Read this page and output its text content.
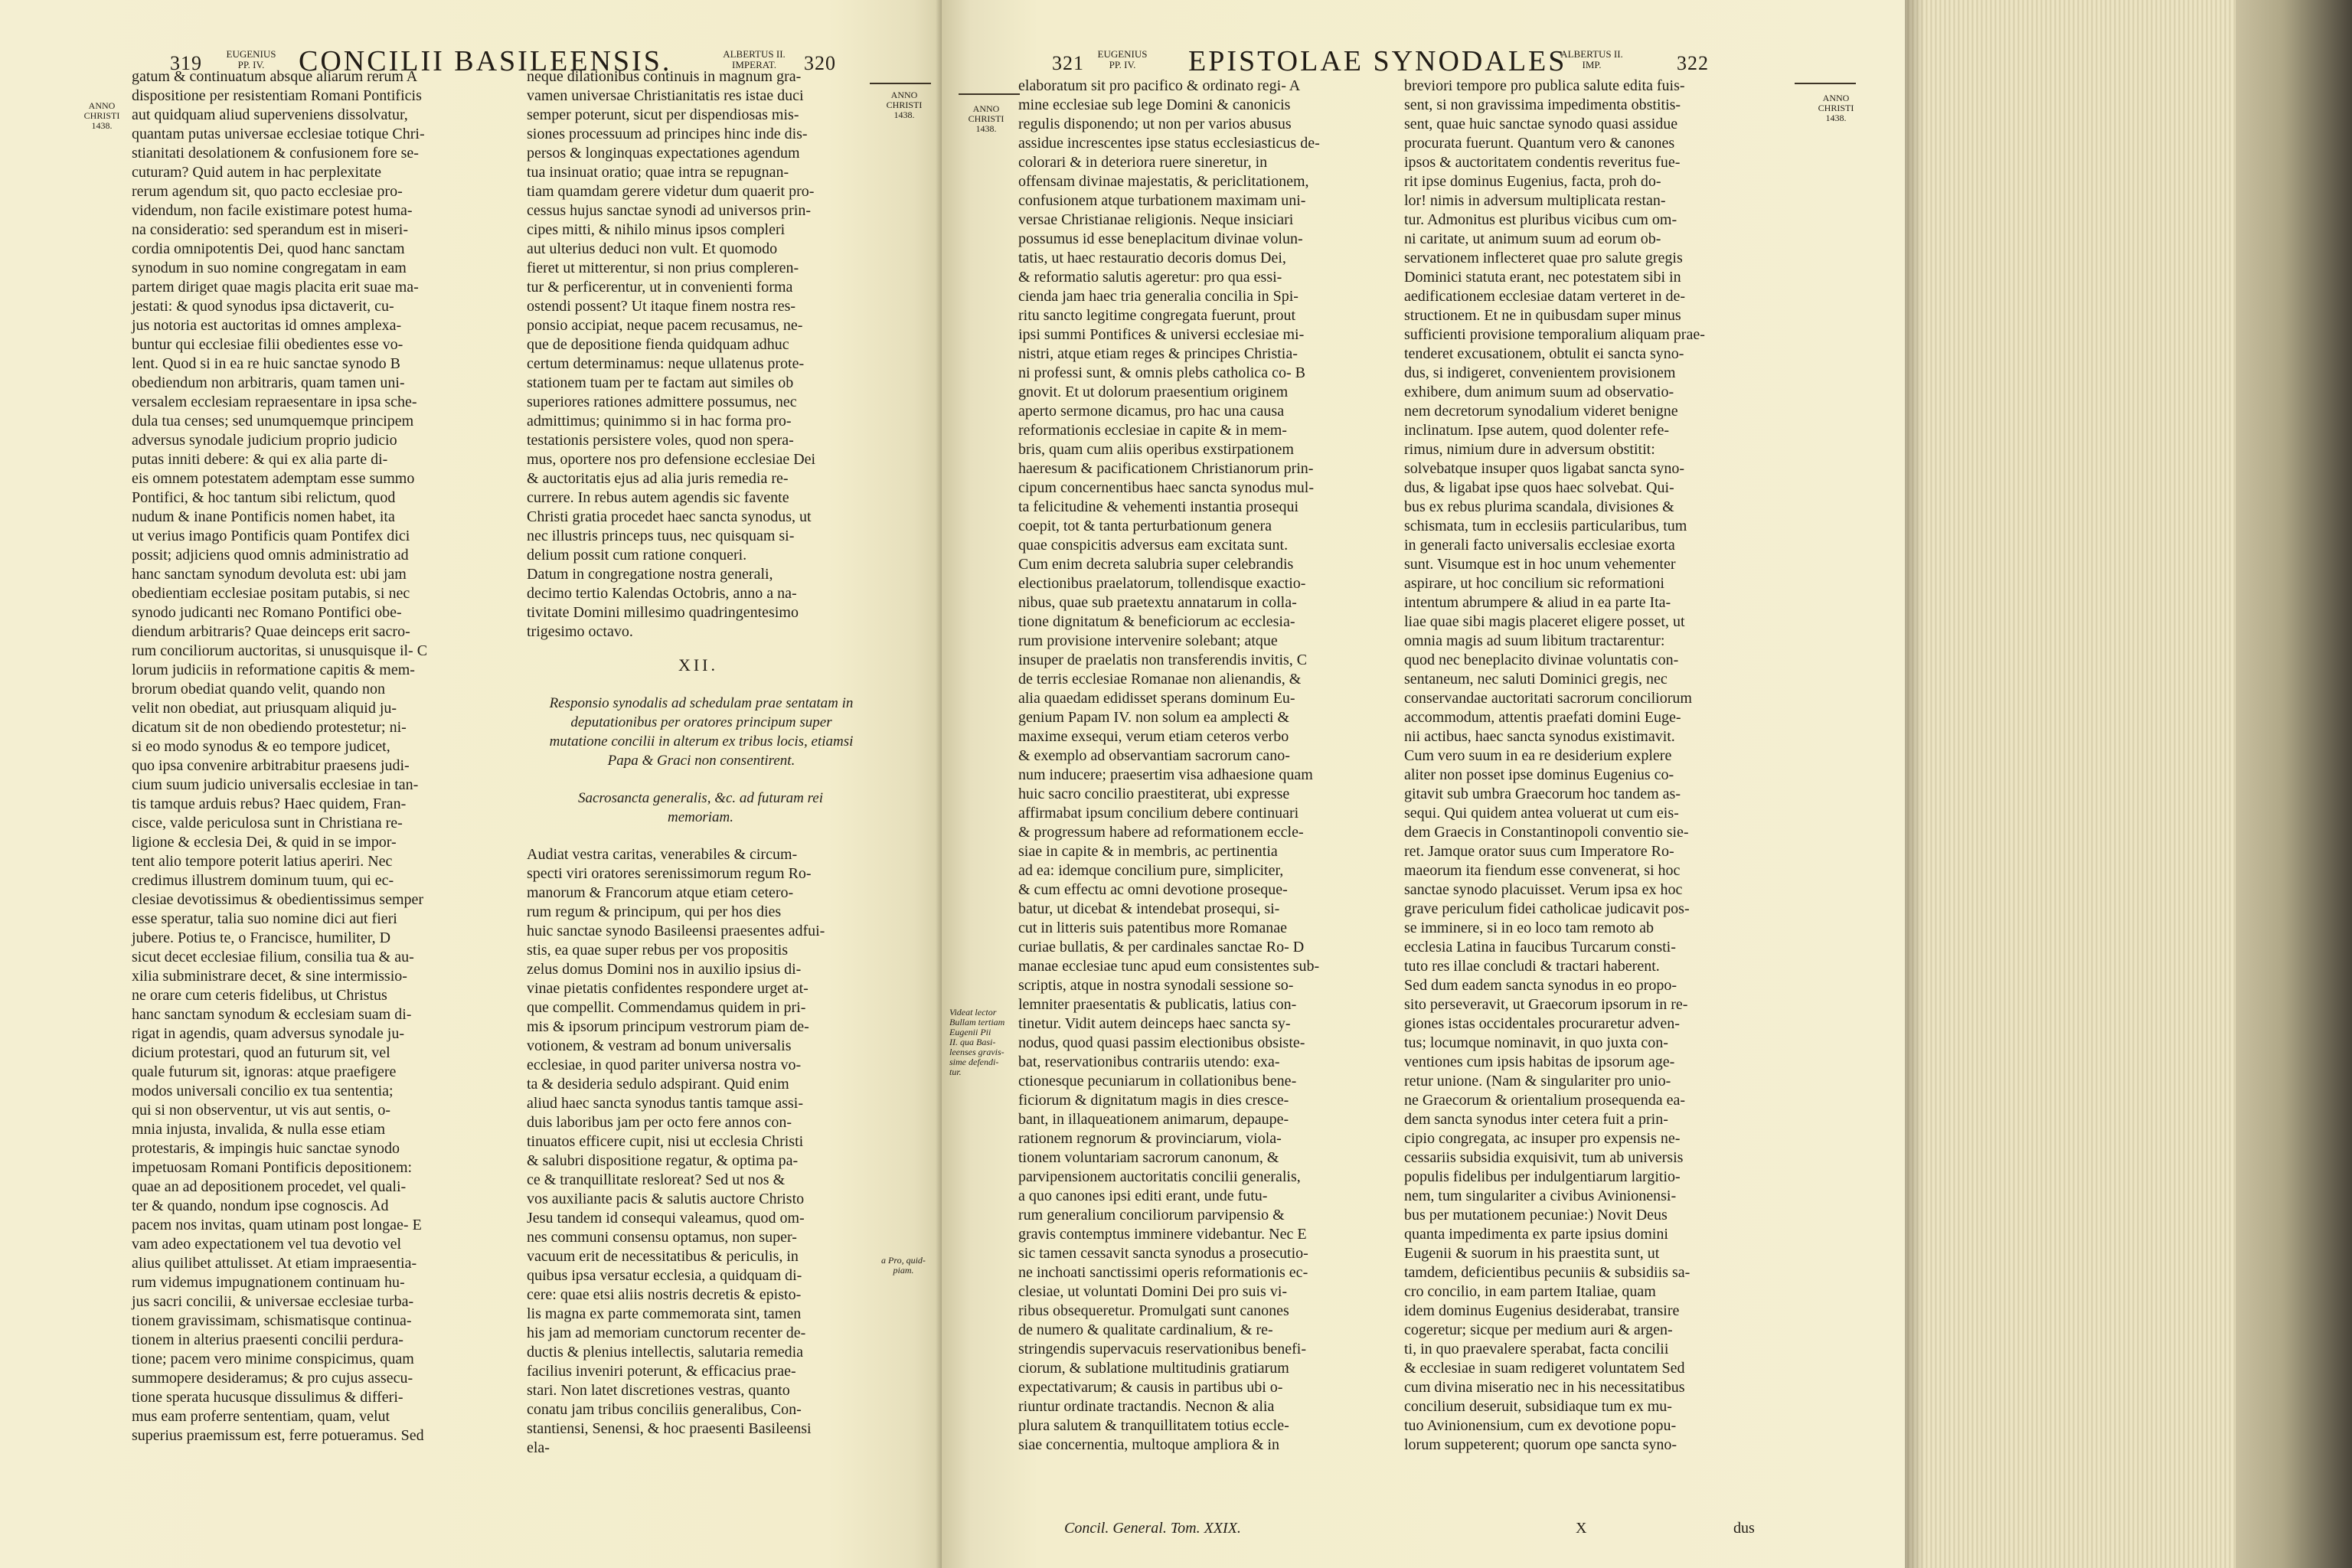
319	EUGENIUS
PP. IV.	CONCILII BASILEENSIS.	ALBERTUS II.
IMPERAT.	320
ANNO
CHRISTI
1438.
gatum & continuatum absque aliarum rerum A
dispositione per resistentiam Romani Pontificis
aut quidquam aliud superveniens dissolvatur,
quantam putas universae ecclesiae totique Chri-
stianitati desolationem & confusionem fore se-
cuturam? Quid autem in hac perplexitate
rerum agendum sit, quo pacto ecclesiae pro-
videndum, non facile existimare potest huma-
na consideratio: sed sperandum est in miseri-
cordia omnipotentis Dei, quod hanc sanctam
synodum in suo nomine congregatam in eam
partem diriget quae magis placita erit suae ma-
jestati: & quod synodus ipsa dictaverit, cu-
jus notoria est auctoritas id omnes amplexa-
buntur qui ecclesiae filii obedientes esse vo-
lent. Quod si in ea re huic sanctae synodo B
obediendum non arbitraris, quam tamen uni-
versalem ecclesiam repraesentare in ipsa sche-
dula tua censes; sed unumquemque principem
adversus synodale judicium proprio judicio
putas inniti debere: & qui ex alia parte di-
eis omnem potestatem ademptam esse summo
Pontifici, & hoc tantum sibi relictum, quod
nudum & inane Pontificis nomen habet, ita
ut verius imago Pontificis quam Pontifex dici
possit; adjiciens quod omnis administratio ad
hanc sanctam synodum devoluta est: ubi jam
obedientiam ecclesiae positam putabis, si nec
synodo judicanti nec Romano Pontifici obe-
diendum arbitraris? Quae deinceps erit sacro-
rum conciliorum auctoritas, si unusquisque il- C
lorum judiciis in reformatione capitis & mem-
brorum obediat quando velit, quando non
velit non obediat, aut priusquam aliquid ju-
dicatum sit de non obediendo protestetur; ni-
si eo modo synodus & eo tempore judicet,
quo ipsa convenire arbitrabitur praesens judi-
cium suum judicio universalis ecclesiae in tan-
tis tamque arduis rebus? Haec quidem, Fran-
cisce, valde periculosa sunt in Christiana re-
ligione & ecclesia Dei, & quid in se impor-
tent alio tempore poterit latius aperiri. Nec
credimus illustrem dominum tuum, qui ec-
clesiae devotissimus & obedientissimus semper
esse speratur, talia suo nomine dici aut fieri
jubere. Potius te, o Francisce, humiliter, D
sicut decet ecclesiae filium, consilia tua & au-
xilia subministrare decet, & sine intermissio-
ne orare cum ceteris fidelibus, ut Christus
hanc sanctam synodum & ecclesiam suam di-
rigat in agendis, quam adversus synodale ju-
dicium protestari, quod an futurum sit, vel
quale futurum sit, ignoras: atque praefigere
modos universali concilio ex tua sententia;
qui si non observentur, ut vis aut sentis, o-
mnia injusta, invalida, & nulla esse etiam
protestaris, & impingis huic sanctae synodo
impetuosam Romani Pontificis depositionem:
quae an ad depositionem procedet, vel quali-
ter & quando, nondum ipse cognoscis. Ad
pacem nos invitas, quam utinam post longae- E
vam adeo expectationem vel tua devotio vel
alius quilibet attulisset. At etiam impraesentia-
rum videmus impugnationem continuam hu-
jus sacri concilii, & universae ecclesiae turba-
tionem gravissimam, schismatisque continua-
tionem in alterius praesenti concilii perdura-
tione; pacem vero minime conspicimus, quam
summopere desideramus; & pro cujus assecu-
tione sperata hucusque dissulimus & differi-
mus eam proferre sententiam, quam, velut
superius praemissum est, ferre potueramus. Sed
ANNO
CHRISTI
1438.
neque dilationibus continuis in magnum gra-
vamen universae Christianitatis res istae duci
semper poterunt, sicut per dispendiosas mis-
siones processuum ad principes hinc inde dis-
persos & longinquas expectationes agendum
tua insinuat oratio; quae intra se repugnan-
tiam quamdam gerere videtur dum quaerit pro-
cessus hujus sanctae synodi ad universos prin-
cipes mitti, & nihilo minus ipsos compleri
aut ulterius deduci non vult. Et quomodo
fieret ut mitterentur, si non prius compleren-
tur & perficerentur, ut in convenienti forma
ostendi possent? Ut itaque finem nostra res-
ponsio accipiat, neque pacem recusamus, ne-
que de depositione fienda quidquam adhuc
certum determinamus: neque ullatenus prote-
stationem tuam per te factam aut similes ob
superiores rationes admittere possumus, nec
admittimus; quinimmo si in hac forma pro-
testationis persistere voles, quod non spera-
mus, oportere nos pro defensione ecclesiae Dei
& auctoritatis ejus ad alia juris remedia re-
currere. In rebus autem agendis sic favente
Christi gratia procedet haec sancta synodus, ut
nec illustris princeps tuus, nec quisquam si-
delium possit cum ratione conqueri.
Datum in congregatione nostra generali,
decimo tertio Kalendas Octobris, anno a na-
tivitate Domini millesimo quadringentesimo
trigesimo octavo.
XII.
Responsio synodalis ad schedulam prae sentatam in deputationibus per oratores principum super mutatione concilii in alterum ex tribus locis, etiamsi Papa & Graci non consentirent.
Sacrosancta generalis, &c. ad futuram rei memoriam.
Audiat vestra caritas, venerabiles & circum-
specti viri oratores serenissimorum regum Ro-
manorum & Francorum atque etiam cetero-
rum regum & principum, qui per hos dies
huic sanctae synodo Basileensi praesentes adfui-
stis, ea quae super rebus per vos propositis
zelus domus Domini nos in auxilio ipsius di-
vinae pietatis confidentes respondere urget at-
que compellit. Commendamus quidem in pri-
mis & ipsorum principum vestrorum piam de-
votionem, & vestram ad bonum universalis
ecclesiae, in quod pariter universa nostra vo-
ta & desideria sedulo adspirant. Quid enim
aliud haec sancta synodus tantis tamque assi-
duis laboribus jam per octo fere annos con-
tinuatos efficere cupit, nisi ut ecclesia Christi
& salubri dispositione regatur, & optima pa-
ce & tranquillitate resloreat? Sed ut nos &
vos auxiliante pacis & salutis auctore Christo
Jesu tandem id consequi valeamus, quod om-
nes communi consensu optamus, non super-
vacuum erit de necessitatibus & periculis, in
quibus ipsa versatur ecclesia, a quidquam di-
cere: quae etsi aliis nostris decretis & episto-
lis magna ex parte commemorata sint, tamen
his jam ad memoriam cunctorum recenter de-
ductis & plenius intellectis, salutaria remedia
facilius inveniri poterunt, & efficacius prae-
stari. Non latet discretiones vestras, quanto
conatu jam tribus conciliis generalibus, Con-
stantiensi, Senensi, & hoc praesenti Basileensi
ela-
a Pro, quid-
piam.
321	EUGENIUS
PP. IV.	EPISTOLAE SYNODALES
ALBERTUS II.
IMP.	322
ANNO
CHRISTI
1438.
Videat lector
Bullam tertiam
Eugenii Pii
II. qua Basi-
leenses gravis-
sime defendi-
tur.
elaboratum sit pro pacifico & ordinato regi- A
mine ecclesiae sub lege Domini & canonicis
regulis disponendo; ut non per varios abusus
assidue increscentes ipse status ecclesiasticus de-
colorari & in deteriora ruere sineretur, in
offensam divinae majestatis, & periclitationem,
confusionem atque turbationem maximam uni-
versae Christianae religionis. Neque insiciari
possumus id esse beneplacitum divinae volun-
tatis, ut haec restauratio decoris domus Dei,
& reformatio salutis ageretur: pro qua essi-
cienda jam haec tria generalia concilia in Spi-
ritu sancto legitime congregata fuerunt, prout
ipsi summi Pontifices & universi ecclesiae mi-
nistri, atque etiam reges & principes Christia-
ni professi sunt, & omnis plebs catholica co- B
gnovit. Et ut dolorum praesentium originem
aperto sermone dicamus, pro hac una causa
reformationis ecclesiae in capite & in mem-
bris, quam cum aliis operibus exstirpationem
haeresum & pacificationem Christianorum prin-
cipum concernentibus haec sancta synodus mul-
ta felicitudine & vehementi instantia prosequi
coepit, tot & tanta perturbationum genera
quae conspicitis adversus eam excitata sunt.
Cum enim decreta salubria super celebrandis
electionibus praelatorum, tollendisque exactio-
nibus, quae sub praetextu annatarum in colla-
tione dignitatum & beneficiorum ac ecclesia-
rum provisione intervenire solebant; atque
insuper de praelatis non transferendis invitis, C
de terris ecclesiae Romanae non alienandis, &
alia quaedam edidisset sperans dominum Eu-
genium Papam IV. non solum ea amplecti &
maxime exsequi, verum etiam ceteros verbo
& exemplo ad observantiam sacrorum cano-
num inducere; praesertim visa adhaesione quam
huic sacro concilio praestiterat, ubi expresse
affirmabat ipsum concilium debere continuari
& progressum habere ad reformationem eccle-
siae in capite & in membris, ac pertinentia
ad ea: idemque concilium pure, simpliciter,
& cum effectu ac omni devotione proseque-
batur, ut dicebat & intendebat prosequi, si-
cut in litteris suis patentibus more Romanae
curiae bullatis, & per cardinales sanctae Ro- D
manae ecclesiae tunc apud eum consistentes sub-
scriptis, atque in nostra synodali sessione so-
lemniter praesentatis & publicatis, latius con-
tinetur. Vidit autem deinceps haec sancta sy-
nodus, quod quasi passim electionibus obsiste-
bat, reservationibus contrariis utendo: exa-
ctionesque pecuniarum in collationibus bene-
ficiorum & dignitatum magis in dies cresce-
bant, in illaqueationem animarum, depaupe-
rationem regnorum & provinciarum, viola-
tionem voluntariam sacrorum canonum, &
parvipensionem auctoritatis concilii generalis,
a quo canones ipsi editi erant, unde futu-
rum generalium conciliorum parvipensio &
gravis contemptus imminere videbantur. Nec E
sic tamen cessavit sancta synodus a prosecutio-
ne inchoati sanctissimi operis reformationis ec-
clesiae, ut voluntati Domini Dei pro suis vi-
ribus obsequeretur. Promulgati sunt canones
de numero & qualitate cardinalium, & re-
stringendis supervacuis reservationibus benefi-
ciorum, & sublatione multitudinis gratiarum
expectativarum; & causis in partibus ubi o-
riuntur ordinate tractandis. Necnon & alia
plura salutem & tranquillitatem totius eccle-
siae concernentia, multoque ampliora & in
breviori tempore pro publica salute edita fuis-
sent, si non gravissima impedimenta obstitis-
sent, quae huic sanctae synodo quasi assidue
procurata fuerunt. Quantum vero & canones
ipsos & auctoritatem condentis reveritus fue-
rit ipse dominus Eugenius, facta, proh do-
lor! nimis in adversum multiplicata restan-
tur. Admonitus est pluribus vicibus cum om-
ni caritate, ut animum suum ad eorum ob-
servationem inflecteret quae pro salute gregis
Dominici statuta erant, nec potestatem sibi in
aedificationem ecclesiae datam verteret in de-
structionem. Et ne in quibusdam super minus
sufficienti provisione temporalium aliquam prae-
tenderet excusationem, obtulit ei sancta syno-
dus, si indigeret, convenientem provisionem
exhibere, dum animum suum ad observatio-
nem decretorum synodalium videret benigne
inclinatum. Ipse autem, quod dolenter refe-
rimus, nimium dure in adversum obstitit:
solvebatque insuper quos ligabat sancta syno-
dus, & ligabat ipse quos haec solvebat. Qui-
bus ex rebus plurima scandala, divisiones &
schismata, tum in ecclesiis particularibus, tum
in generali facto universalis ecclesiae exorta
sunt. Visumque est in hoc unum vehementer
aspirare, ut hoc concilium sic reformationi
intentum abrumpere & aliud in ea parte Ita-
liae quae sibi magis placeret eligere posset, ut
omnia magis ad suum libitum tractarentur:
quod nec beneplacito divinae voluntatis con-
sentaneum, nec saluti Dominici gregis, nec
conservandae auctoritati sacrorum conciliorum
accommodum, attentis praefati domini Euge-
nii actibus, haec sancta synodus existimavit.
Cum vero suum in ea re desiderium explere
aliter non posset ipse dominus Eugenius co-
gitavit sub umbra Graecorum hoc tandem as-
sequi. Qui quidem antea voluerat ut cum eis-
dem Graecis in Constantinopoli conventio sie-
ret. Jamque orator suus cum Imperatore Ro-
maeorum ita fiendum esse convenerat, si hoc
sanctae synodo placuisset. Verum ipsa ex hoc
grave periculum fidei catholicae judicavit pos-
se imminere, si in eo loco tam remoto ab
ecclesia Latina in faucibus Turcarum consti-
tuto res illae concludi & tractari haberent.
Sed dum eadem sancta synodus in eo propo-
sito perseveravit, ut Graecorum ipsorum in re-
giones istas occidentales procuraretur adven-
tus; locumque nominavit, in quo juxta con-
ventiones cum ipsis habitas de ipsorum age-
retur unione. (Nam & singulariter pro unio-
ne Graecorum & orientalium prosequenda ea-
dem sancta synodus inter cetera fuit a prin-
cipio congregata, ac insuper pro expensis ne-
cessariis subsidia exquisivit, tum ab universis
populis fidelibus per indulgentiarum largitio-
nem, tum singulariter a civibus Avinionensi-
bus per mutationem pecuniae:) Novit Deus
quanta impedimenta ex parte ipsius domini
Eugenii & suorum in his praestita sunt, ut
tamdem, deficientibus pecuniis & subsidiis sa-
cro concilio, in eam partem Italiae, quam
idem dominus Eugenius desiderabat, transire
cogeretur; sicque per medium auri & argen-
ti, in quo praevalere sperabat, facta concilii
& ecclesiae in suam redigeret voluntatem Sed
cum divina miseratio nec in his necessitatibus
concilium deseruit, subsidiaque tum ex mu-
tuo Avinionensium, cum ex devotione popu-
lorum suppeterent; quorum ope sancta syno-
ANNO
CHRISTI
1438.
Concil. General. Tom. XXIX.	X	dus
